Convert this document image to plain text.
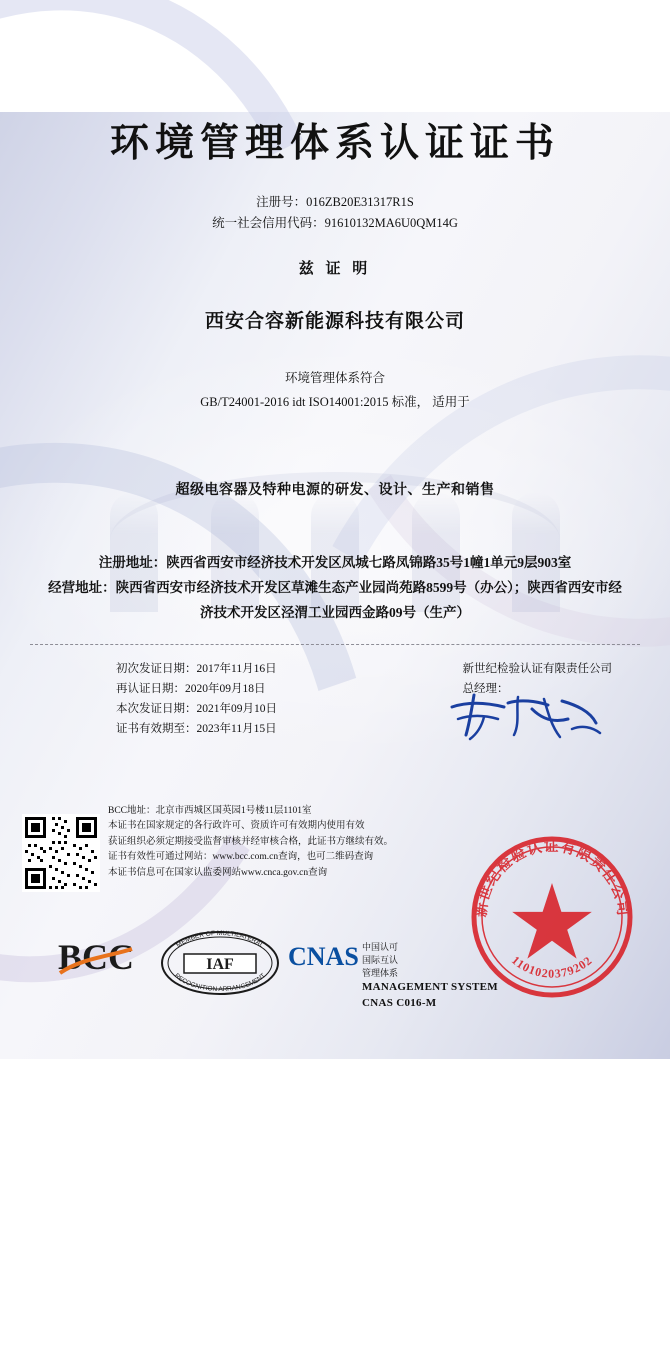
环境管理体系认证证书
注册号：016ZB20E31317R1S
统一社会信用代码：91610132MA6U0QM14G
兹 证 明
西安合容新能源科技有限公司
环境管理体系符合
GB/T24001-2016 idt ISO14001:2015 标准， 适用于
超级电容器及特种电源的研发、设计、生产和销售
注册地址：陕西省西安市经济技术开发区凤城七路凤锦路35号1幢1单元9层903室
经营地址：陕西省西安市经济技术开发区草滩生态产业园尚苑路8599号（办公）；陕西省西安市经济技术开发区泾渭工业园西金路09号（生产）
初次发证日期：2017年11月16日
再认证日期：2020年09月18日
本次发证日期：2021年09月10日
证书有效期至：2023年11月15日
新世纪检验认证有限责任公司
总经理：
BCC地址：北京市西城区国英园1号楼11层1101室
本证书在国家规定的各行政许可、资质许可有效期内使用有效
获证组织必须定期接受监督审核并经审核合格，此证书方继续有效。
证书有效性可通过网站：www.bcc.com.cn查询，也可二维码查询
本证书信息可在国家认监委网站www.cnca.gov.cn查询
BCC	IAF
MEMBER OF MULTILATERAL
RECOGNITION ARRANGEMENT
CNAS 中国认可
国际互认
管理体系
MANAGEMENT SYSTEM
CNAS C016-M
新世纪检验认证有限责任公司
1101020379202
